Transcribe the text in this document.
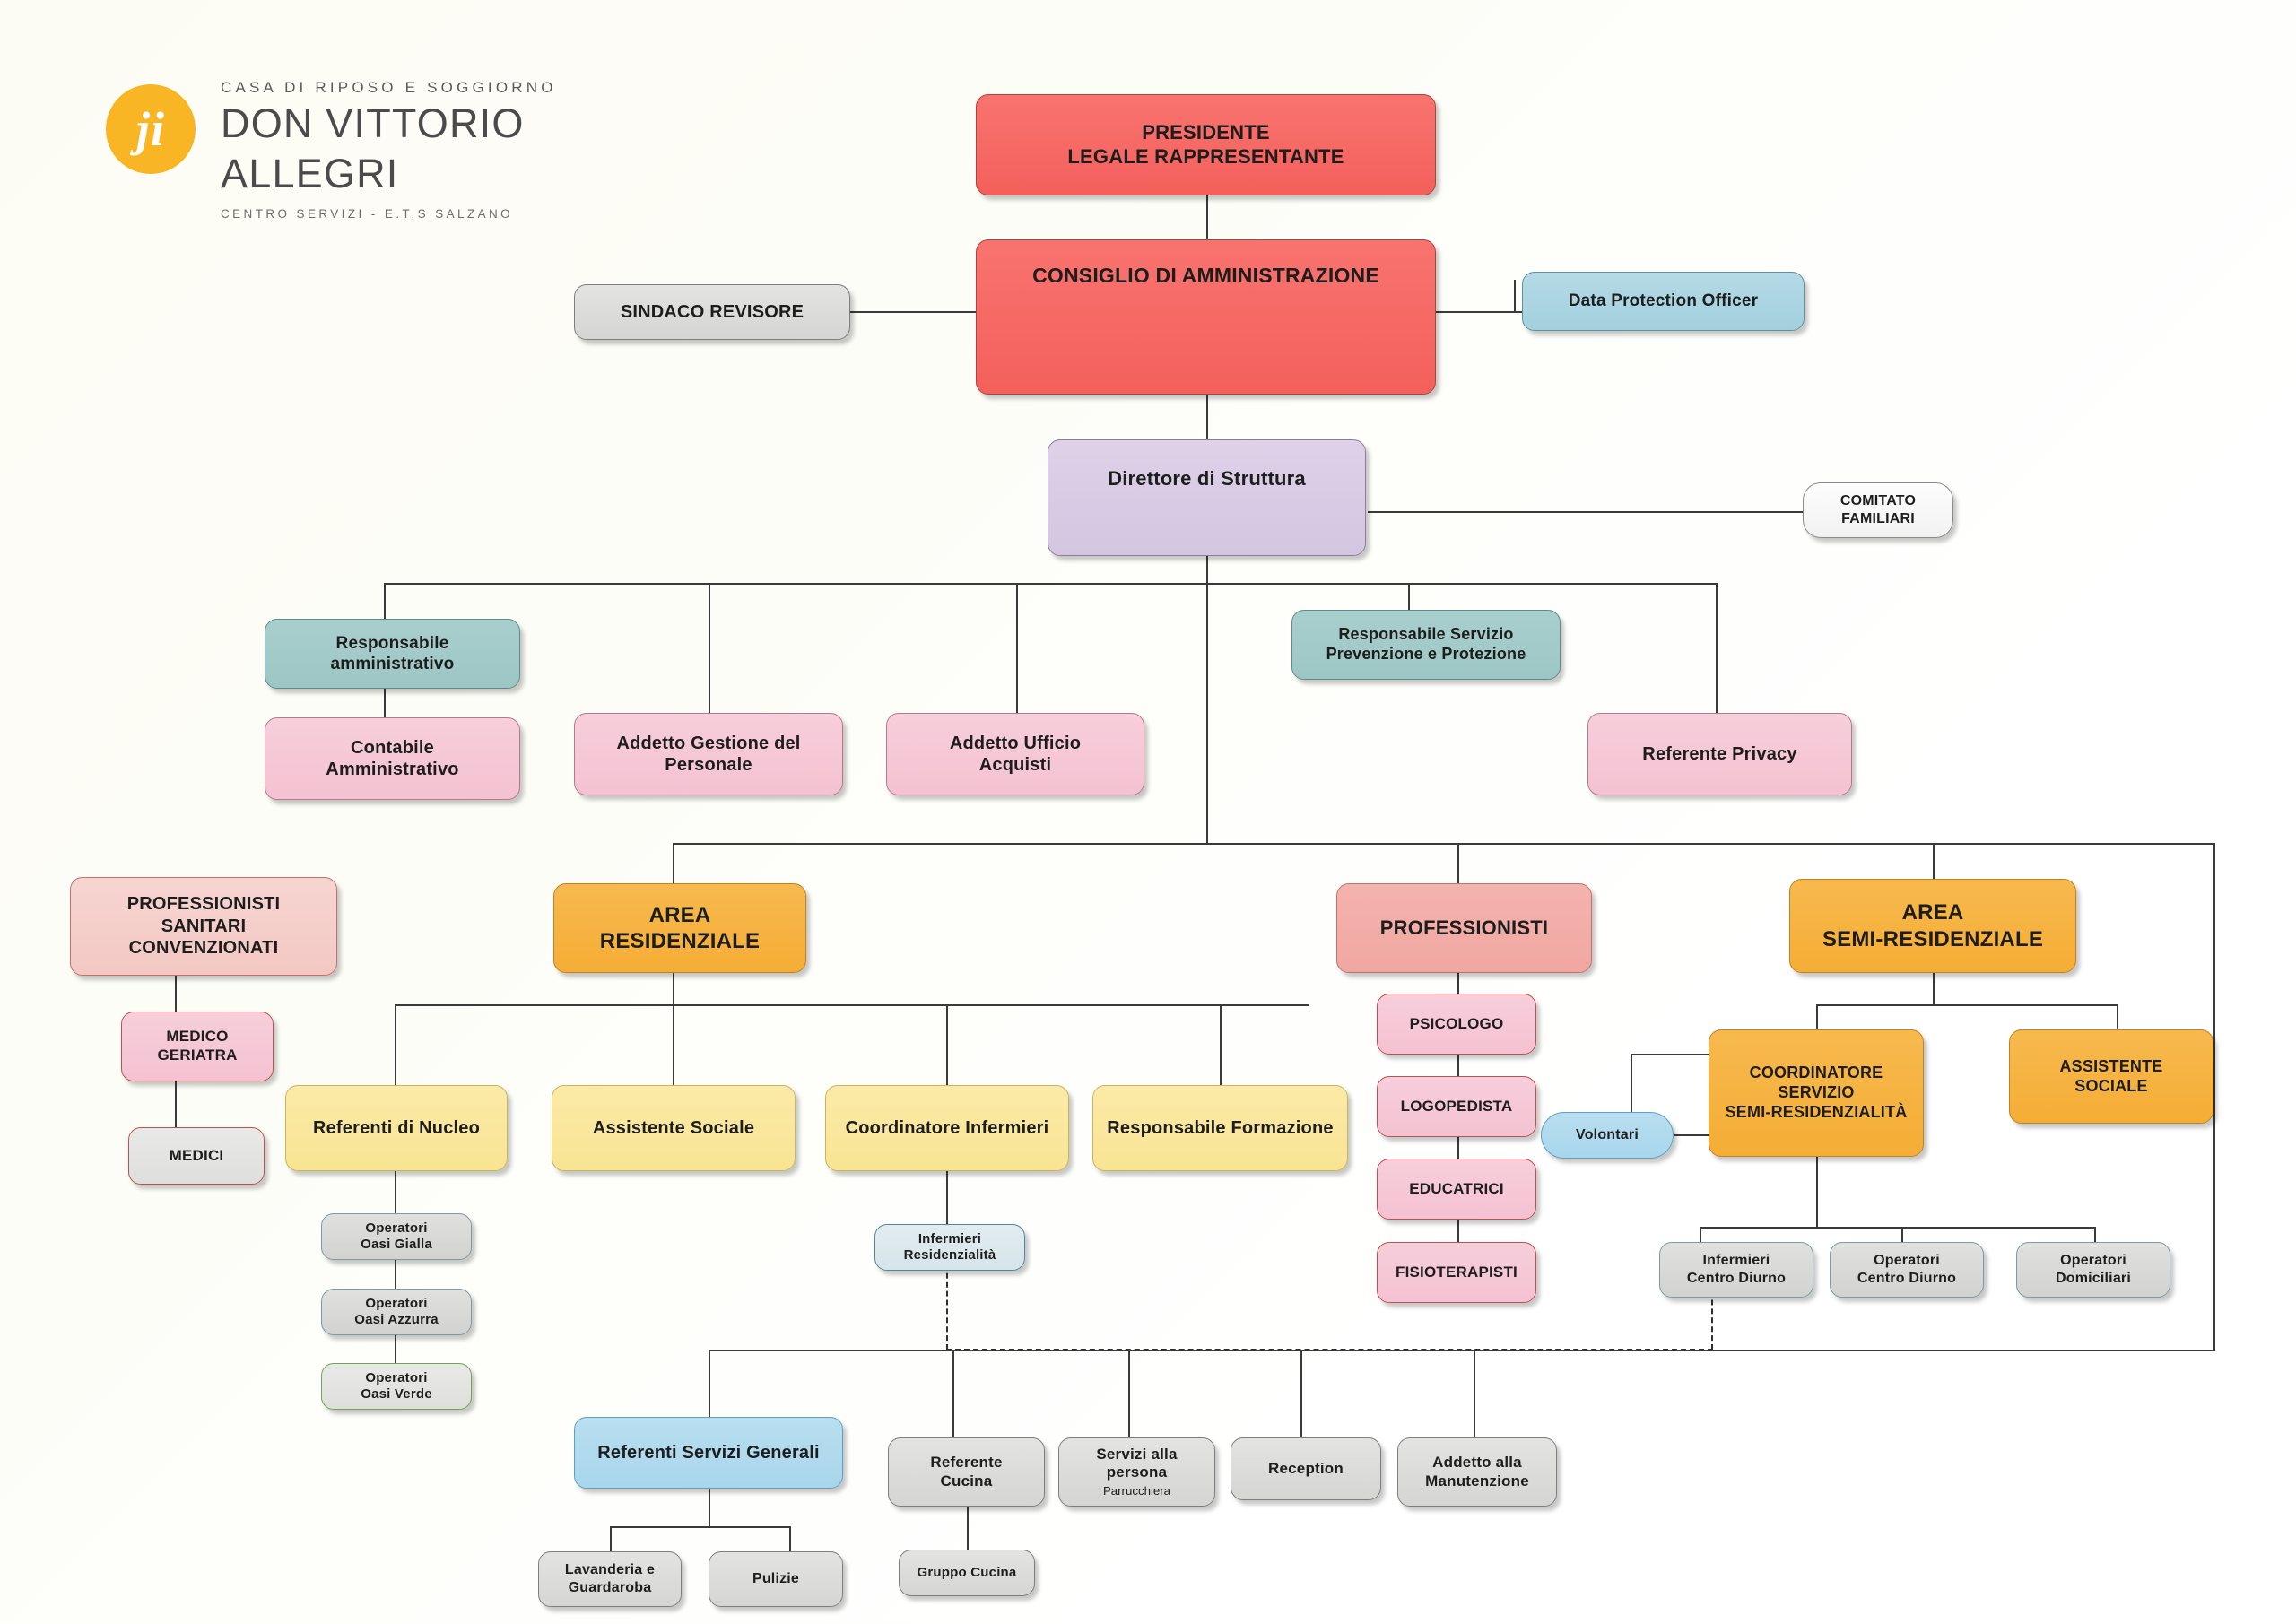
ji
CASA DI RIPOSO E SOGGIORNO
DON VITTORIO ALLEGRI
CENTRO SERVIZI - E.T.S SALZANO
PRESIDENTE
LEGALE RAPPRESENTANTE
CONSIGLIO DI AMMINISTRAZIONE
SINDACO REVISORE
Data Protection Officer
Direttore di Struttura
COMITATO
FAMILIARI
Responsabile
amministrativo
Contabile
Amministrativo
Addetto Gestione del
Personale
Addetto Ufficio
Acquisti
Responsabile Servizio
Prevenzione e Protezione
Referente Privacy
PROFESSIONISTI
SANITARI
CONVENZIONATI
MEDICO
GERIATRA
MEDICI
AREA
RESIDENZIALE
Referenti di Nucleo	Assistente Sociale	Coordinatore Infermieri	Responsabile Formazione
Operatori
Oasi Gialla
Operatori
Oasi Azzurra
Operatori
Oasi Verde
Infermieri
Residenzialità
PROFESSIONISTI
PSICOLOGO
LOGOPEDISTA
EDUCATRICI
FISIOTERAPISTI
Volontari
AREA
SEMI-RESIDENZIALE
COORDINATORE
SERVIZIO
SEMI-RESIDENZIALITÀ
ASSISTENTE
SOCIALE
Infermieri
Centro Diurno
Operatori
Centro Diurno
Operatori
Domiciliari
Referenti Servizi Generali
Lavanderia e
Guardaroba
Pulizie
Referente
Cucina
Gruppo Cucina
Servizi alla
persona
Parrucchiera
Reception	Addetto alla
Manutenzione
